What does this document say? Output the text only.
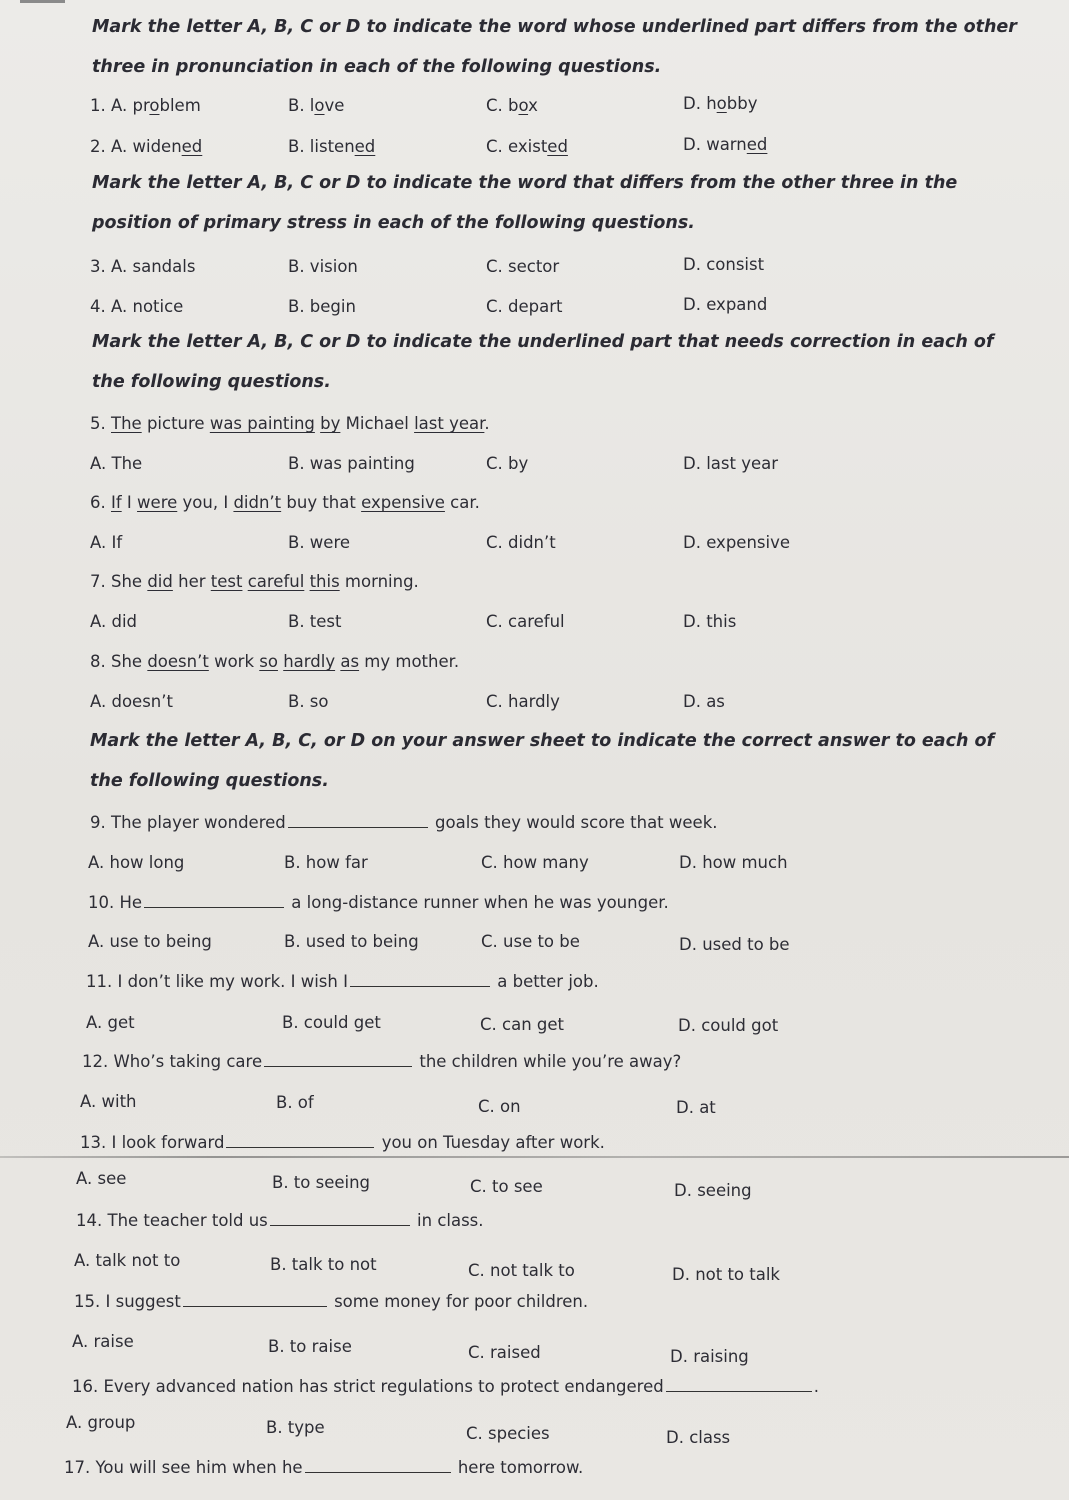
Mark the letter A, B, C or D to indicate the word whose underlined part differs from the other three in pronunciation in each of the following questions.
1. A. problem	B. love	C. box	D. hobby
2. A. widened	B. listened	C. existed	D. warned
Mark the letter A, B, C or D to indicate the word that differs from the other three in the position of primary stress in each of the following questions.
3. A. sandals	B. vision	C. sector	D. consist
4. A. notice	B. begin	C. depart	D. expand
Mark the letter A, B, C or D to indicate the underlined part that needs correction in each of the following questions.
5. The picture was painting by Michael last year.
A. The	B. was painting	C. by	D. last year
6. If I were you, I didn’t buy that expensive car.
A. If	B. were	C. didn’t	D. expensive
7. She did her test careful this morning.
A. did	B. test	C. careful	D. this
8. She doesn’t work so hardly as my mother.
A. doesn’t	B. so	C. hardly	D. as
Mark the letter A, B, C, or D on your answer sheet to indicate the correct answer to each of the following questions.
9. The player wondered	goals they would score that week.
A. how long	B. how far	C. how many	D. how much
10. He	a long-distance runner when he was younger.
A. use to being	B. used to being	C. use to be	D. used to be
11. I don’t like my work. I wish I	a better job.
A. get	B. could get	C. can get	D. could got
12. Who’s taking care	the children while you’re away?
A. with	B. of	C. on	D. at
13. I look forward	you on Tuesday after work.
A. see	B. to seeing	C. to see	D. seeing
14. The teacher told us	in class.
A. talk not to	B. talk to not	C. not talk to	D. not to talk
15. I suggest	some money for poor children.
A. raise	B. to raise	C. raised	D. raising
16. Every advanced nation has strict regulations to protect endangered	.
A. group	B. type	C. species	D. class
17. You will see him when he	here tomorrow.
